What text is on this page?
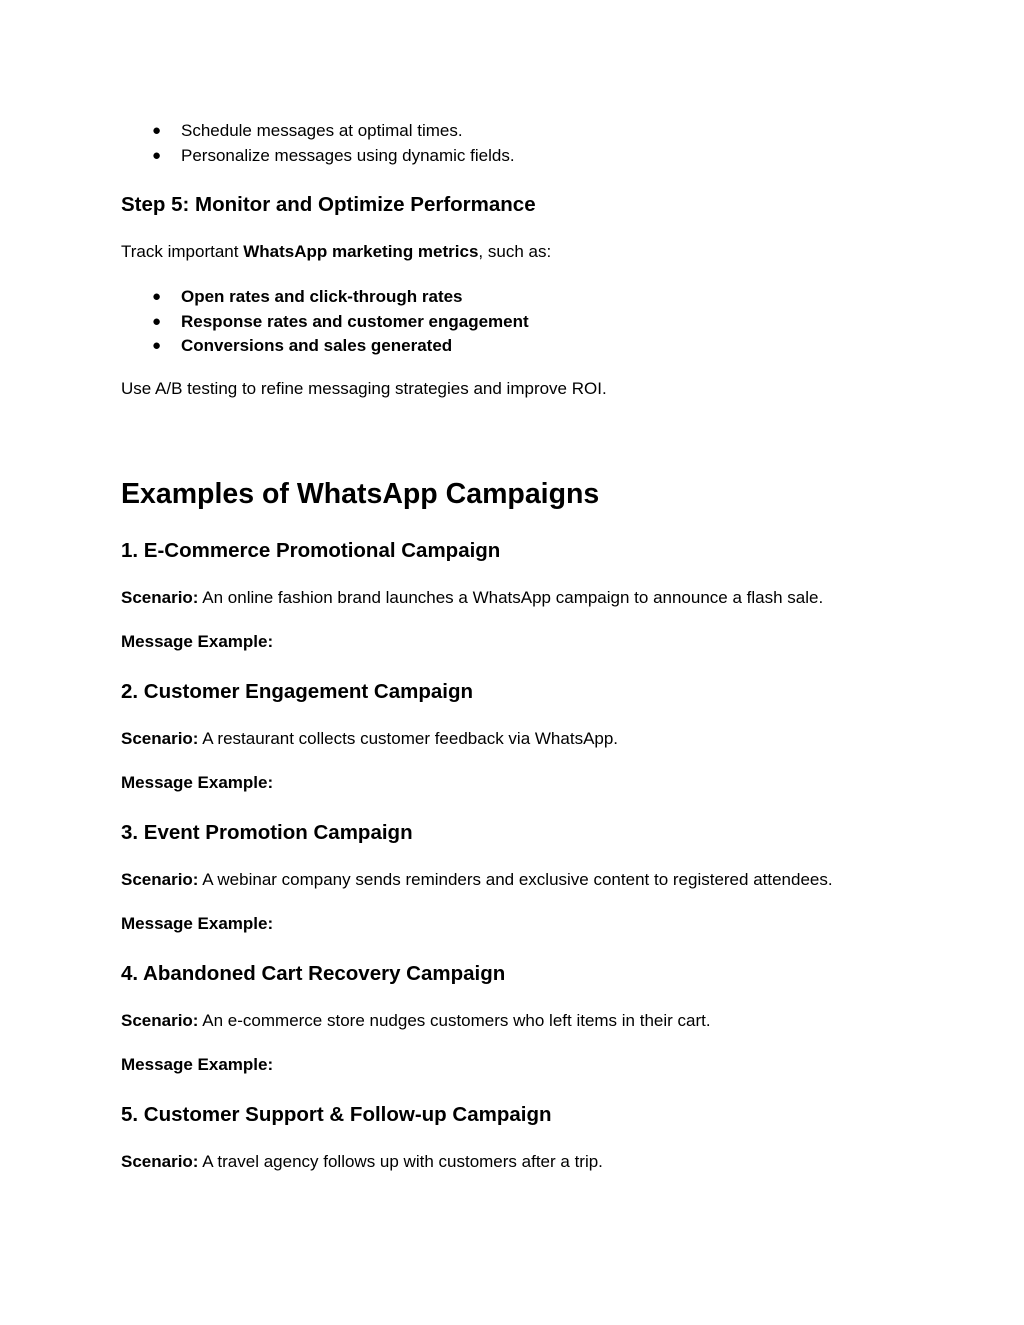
● Schedule messages at optimal times.
● Personalize messages using dynamic fields.
Step 5: Monitor and Optimize Performance
Track important WhatsApp marketing metrics, such as:
● Open rates and click-through rates
● Response rates and customer engagement
● Conversions and sales generated
Use A/B testing to refine messaging strategies and improve ROI.
Examples of WhatsApp Campaigns
1. E-Commerce Promotional Campaign
Scenario: An online fashion brand launches a WhatsApp campaign to announce a flash sale.
Message Example:
2. Customer Engagement Campaign
Scenario: A restaurant collects customer feedback via WhatsApp.
Message Example:
3. Event Promotion Campaign
Scenario: A webinar company sends reminders and exclusive content to registered attendees.
Message Example:
4. Abandoned Cart Recovery Campaign
Scenario: An e-commerce store nudges customers who left items in their cart.
Message Example:
5. Customer Support & Follow-up Campaign
Scenario: A travel agency follows up with customers after a trip.
